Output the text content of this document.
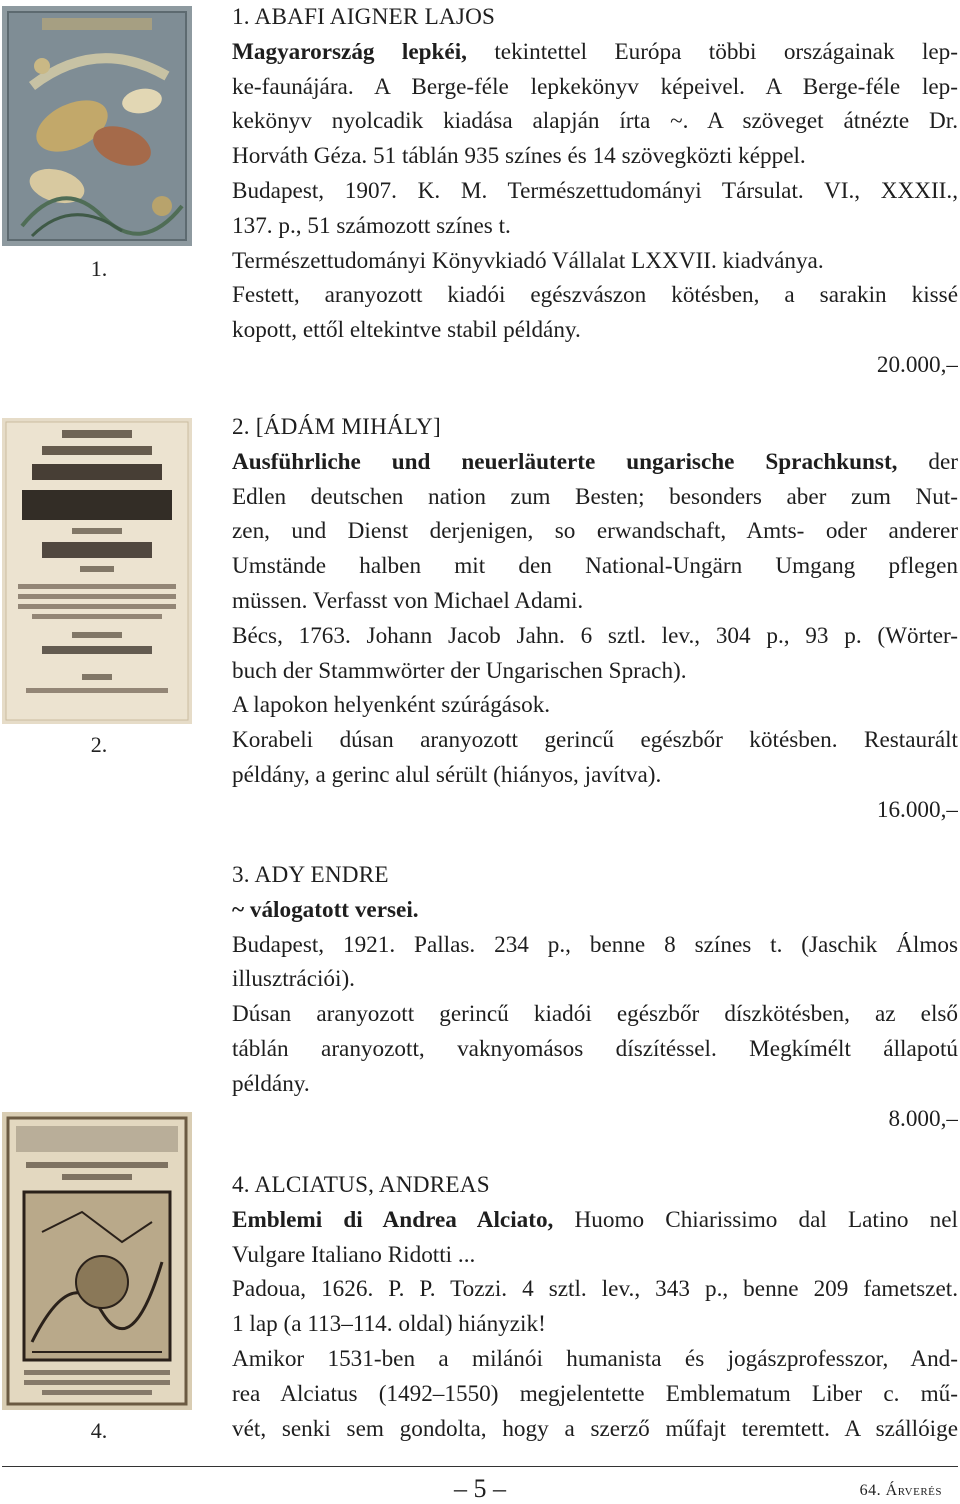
1.
2.
4.
1. ABAFI AIGNER LAJOS
Magyarország lepkéi, tekintettel Európa többi országainak lep-
ke-faunájára. A Berge-féle lepkekönyv képeivel. A Berge-féle lep-
kekönyv nyolcadik kiadása alapján írta ~. A szöveget átnézte Dr.
Horváth Géza. 51 táblán 935 színes és 14 szövegközti képpel.
Budapest, 1907. K. M. Természettudományi Társulat. VI., XXXII.,
137. p., 51 számozott színes t.
Természettudományi Könyvkiadó Vállalat LXXVII. kiadványa.
Festett, aranyozott kiadói egészvászon kötésben, a sarakin kissé
kopott, ettől eltekintve stabil példány.
20.000,–
2. [ÁDÁM MIHÁLY]
Ausführliche und neuerläuterte ungarische Sprachkunst, der
Edlen deutschen nation zum Besten; besonders aber zum Nut-
zen, und Dienst derjenigen, so erwandschaft, Amts- oder anderer
Umstände halben mit den National-Ungärn Umgang pflegen
müssen. Verfasst von Michael Adami.
Bécs, 1763. Johann Jacob Jahn. 6 sztl. lev., 304 p., 93 p. (Wörter-
buch der Stammwörter der Ungarischen Sprach).
A lapokon helyenként szúrágások.
Korabeli dúsan aranyozott gerincű egészbőr kötésben. Restaurált
példány, a gerinc alul sérült (hiányos, javítva).
16.000,–
3. ADY ENDRE
~ válogatott versei.
Budapest, 1921. Pallas. 234 p., benne 8 színes t. (Jaschik Álmos
illusztrációi).
Dúsan aranyozott gerincű kiadói egészbőr díszkötésben, az első
táblán aranyozott, vaknyomásos díszítéssel. Megkímélt állapotú
példány.
8.000,–
4. ALCIATUS, ANDREAS
Emblemi di Andrea Alciato, Huomo Chiarissimo dal Latino nel
Vulgare Italiano Ridotti ...
Padoua, 1626. P. P. Tozzi. 4 sztl. lev., 343 p., benne 209 fametszet.
1 lap (a 113–114. oldal) hiányzik!
Amikor 1531-ben a milánói humanista és jogászprofesszor, And-
rea Alciatus (1492–1550) megjelentette Emblematum Liber c. mű-
vét, senki sem gondolta, hogy a szerző műfajt teremtett. A szállóige
– 5 –	64. Árverés
